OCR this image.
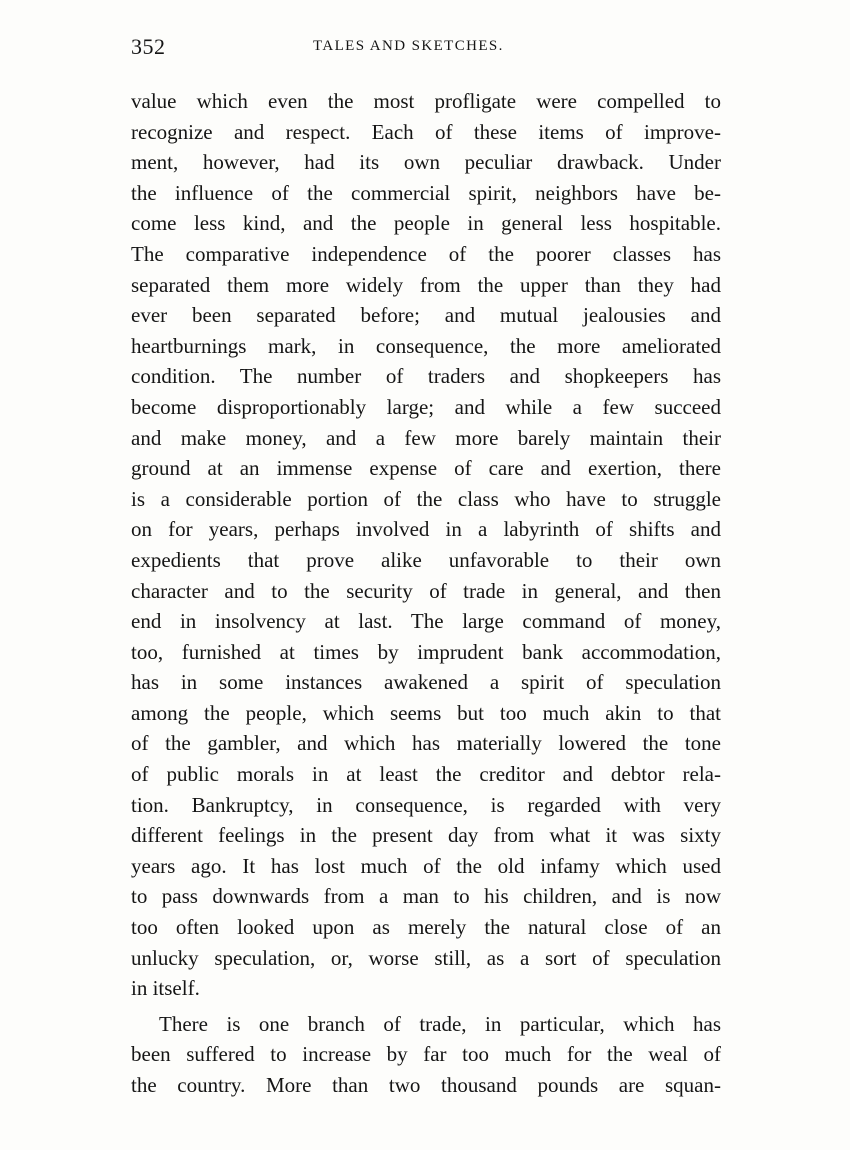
352	TALES AND SKETCHES.
value which even the most profligate were compelled to
recognize and respect. Each of these items of improve-
ment, however, had its own peculiar drawback. Under
the influence of the commercial spirit, neighbors have be-
come less kind, and the people in general less hospitable.
The comparative independence of the poorer classes has
separated them more widely from the upper than they had
ever been separated before; and mutual jealousies and
heartburnings mark, in consequence, the more ameliorated
condition. The number of traders and shopkeepers has
become disproportionably large; and while a few succeed
and make money, and a few more barely maintain their
ground at an immense expense of care and exertion, there
is a considerable portion of the class who have to struggle
on for years, perhaps involved in a labyrinth of shifts and
expedients that prove alike unfavorable to their own
character and to the security of trade in general, and then
end in insolvency at last. The large command of money,
too, furnished at times by imprudent bank accommodation,
has in some instances awakened a spirit of speculation
among the people, which seems but too much akin to that
of the gambler, and which has materially lowered the tone
of public morals in at least the creditor and debtor rela-
tion. Bankruptcy, in consequence, is regarded with very
different feelings in the present day from what it was sixty
years ago. It has lost much of the old infamy which used
to pass downwards from a man to his children, and is now
too often looked upon as merely the natural close of an
unlucky speculation, or, worse still, as a sort of speculation
in itself.
There is one branch of trade, in particular, which has
been suffered to increase by far too much for the weal of
the country. More than two thousand pounds are squan-
